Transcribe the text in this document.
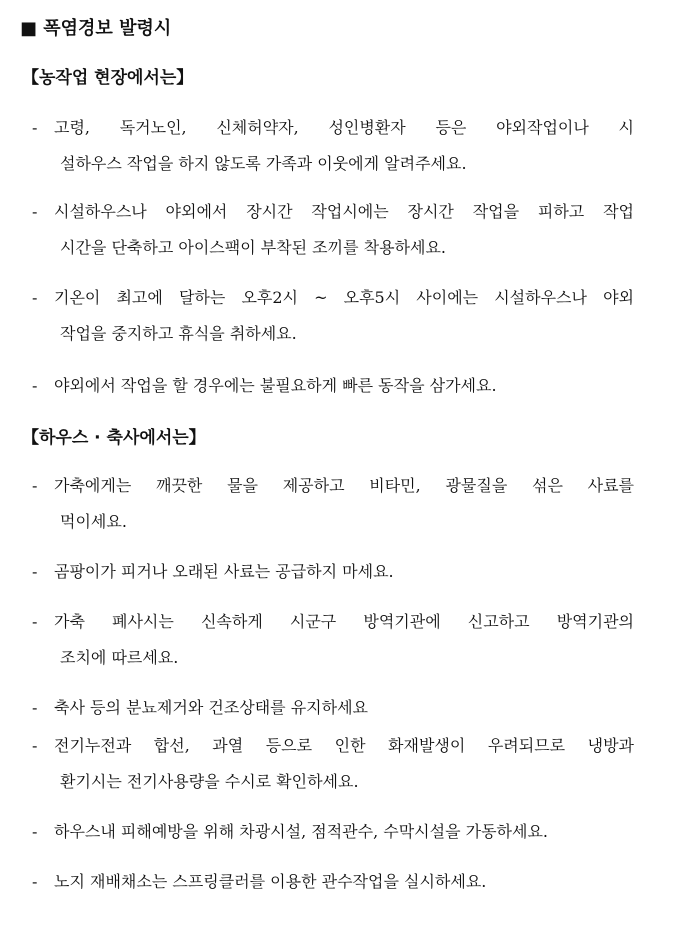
■ 폭염경보 발령시
【농작업 현장에서는】
-	고령, 독거노인, 신체허약자, 성인병환자 등은 야외작업이나 시
설하우스 작업을 하지 않도록 가족과 이웃에게 알려주세요.
-	시설하우스나 야외에서 장시간 작업시에는 장시간 작업을 피하고 작업
시간을 단축하고 아이스팩이 부착된 조끼를 착용하세요.
-	기온이 최고에 달하는 오후2시 ~ 오후5시 사이에는 시설하우스나 야외
작업을 중지하고 휴식을 취하세요.
-	야외에서 작업을 할 경우에는 불필요하게 빠른 동작을 삼가세요.
【하우스 · 축사에서는】
-	가축에게는 깨끗한 물을 제공하고 비타민, 광물질을 섞은 사료를
먹이세요.
-	곰팡이가 피거나 오래된 사료는 공급하지 마세요.
-	가축 폐사시는 신속하게 시군구 방역기관에 신고하고 방역기관의
조치에 따르세요.
-	축사 등의 분뇨제거와 건조상태를 유지하세요
-	전기누전과 합선, 과열 등으로 인한 화재발생이 우려되므로 냉방과
환기시는 전기사용량을 수시로 확인하세요.
-	하우스내 피해예방을 위해 차광시설, 점적관수, 수막시설을 가동하세요.
-	노지 재배채소는 스프링클러를 이용한 관수작업을 실시하세요.
